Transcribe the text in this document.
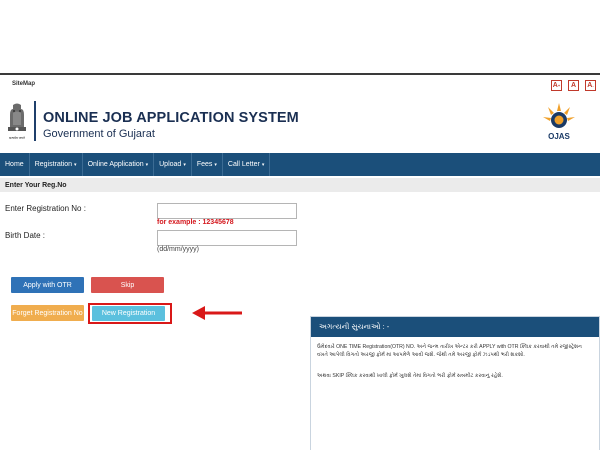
SiteMap	A + A A -
सत्यमेव जयते
ONLINE JOB APPLICATION SYSTEM
Government of Gujarat	OJAS
Home Registration ▾ Online Application ▾ Upload ▾ Fees ▾ Call Letter ▾
Enter Your Reg.No
Enter Registration No :
for example : 12345678
Birth Date :
(dd/mm/yyyy)
Apply with OTR	Skip
Forget Registration No	New Registration
અગત્યની સુચનાઓ : -
ઉમેદવારે ONE TIME Registration(OTR) NO. અને જન્મ તારીખ એન્ટર કરી APPLY with OTR ક્લિક કરવાથી તમે રજીસ્ટ્રેશન વખતે આપેલી વિગતો અરજી ફોર્મ માં આપમેળે આવી જશે. જેથી તમે અરજી ફોર્મ ઝડપથી ભરી શકશો.
અથવા SKIP ક્લિક કરવાથી ખાલી ફોર્મ ખુલશે તેમાં વિગતો ભરી ફોર્મ સબમીટ કરવાનું રહેશે.
